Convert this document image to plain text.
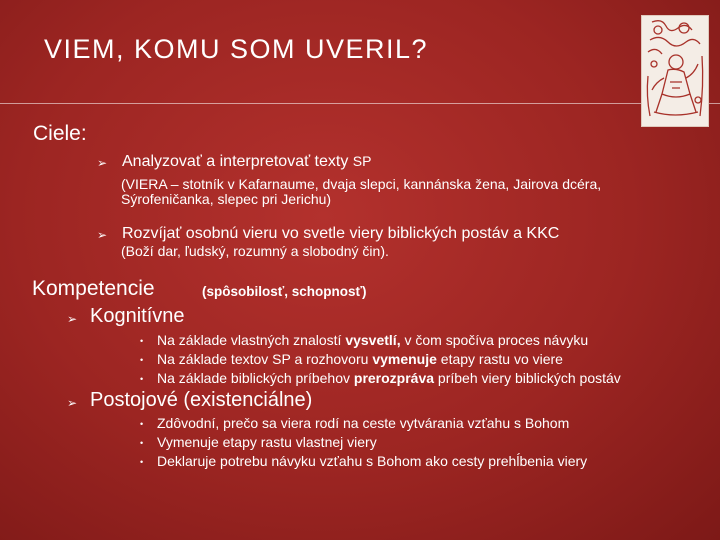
VIEM, KOMU SOM UVERIL?
Ciele:
➢ Analyzovať a interpretovať texty SP
(VIERA – stotník v Kafarnaume, dvaja slepci, kannánska žena, Jairova dcéra,
Sýrofeničanka, slepec pri Jerichu)
➢ Rozvíjať osobnú vieru vo svetle viery biblických postáv a KKC
(Boží dar, ľudský, rozumný a slobodný čin).
Kompetencie	(spôsobilosť, schopnosť)
➢ Kognitívne
• Na základe vlastných znalostí vysvetlí, v čom spočíva proces návyku
• Na základe textov SP a rozhovoru vymenuje etapy rastu vo viere
• Na základe biblických príbehov prerozpráva príbeh viery biblických postáv
➢ Postojové (existenciálne)
• Zdôvodní, prečo sa viera rodí na ceste vytvárania vzťahu s Bohom
• Vymenuje etapy rastu vlastnej viery
• Deklaruje potrebu návyku vzťahu s Bohom ako cesty prehĺbenia viery
